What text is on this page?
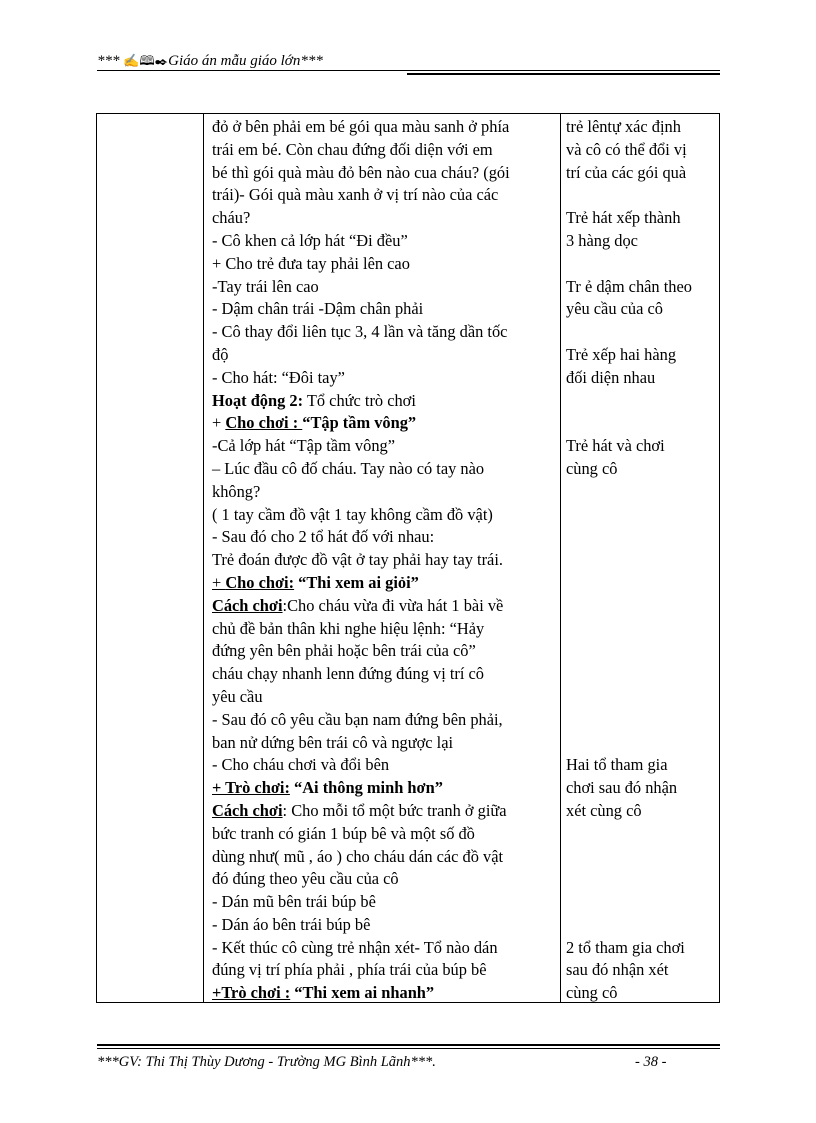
*** ✍🕮✒Giáo án mẫu giáo lớn***
đỏ ở bên phải em bé gói qua màu sanh ở phía
trái em bé. Còn chau đứng đối diện với em
bé thì gói quà màu đỏ bên nào cua cháu? (gói
trái)- Gói quà màu xanh ở vị trí nào của các
cháu?
- Cô khen cả lớp hát “Đi đều”
+ Cho trẻ đưa tay phải lên cao
-Tay trái lên cao
- Dậm chân trái -Dậm chân phải
- Cô thay đổi liên tục 3, 4 lần và tăng dần tốc
độ
- Cho hát: “Đôi tay”
Hoạt động 2: Tổ chức trò chơi
+ Cho chơi : “Tập tầm vông”
-Cả lớp hát “Tập tầm vông”
– Lúc đầu cô đố cháu. Tay nào có tay nào
không?
( 1 tay cầm đồ vật 1 tay không cầm đồ vật)
- Sau đó cho 2 tổ hát đố với nhau:
Trẻ đoán được đồ vật ở tay phải hay tay trái.
+ Cho chơi: “Thi xem ai giỏi”
Cách chơi:Cho cháu vừa đi vừa hát 1 bài về
chủ đề bản thân khi nghe hiệu lệnh: “Hảy
đứng yên bên phải hoặc bên trái của cô”
cháu chạy nhanh lenn đứng đúng vị trí cô
yêu cầu
- Sau đó cô yêu cầu bạn nam đứng bên phải,
ban nử dứng bên trái cô và ngược lại
- Cho cháu chơi và đổi bên
+ Trò chơi: “Ai thông minh hơn”
Cách chơi: Cho mỗi tổ một bức tranh ở giữa
bức tranh có gián 1 búp bê và một số đồ
dùng như( mũ , áo ) cho cháu dán các đồ vật
đó đúng theo yêu cầu của cô
- Dán mũ bên trái búp bê
- Dán áo bên trái búp bê
- Kết thúc cô cùng trẻ nhận xét- Tổ nào dán
đúng vị trí phía phải , phía trái của búp bê
+Trò chơi : “Thi xem ai nhanh”
trẻ lêntự xác định
và cô có thể đổi vị
trí của các gói quà
Trẻ hát xếp thành
3 hàng dọc
Tr ẻ dậm chân theo
yêu cầu của cô
Trẻ xếp hai hàng
đối diện nhau
Trẻ hát và chơi
cùng cô
Hai tổ tham gia
chơi sau đó nhận
xét cùng cô
2 tổ tham gia chơi
sau đó nhận xét
cùng cô
***GV: Thi Thị Thùy Dương - Trường MG Bình Lãnh***.	- 38 -
